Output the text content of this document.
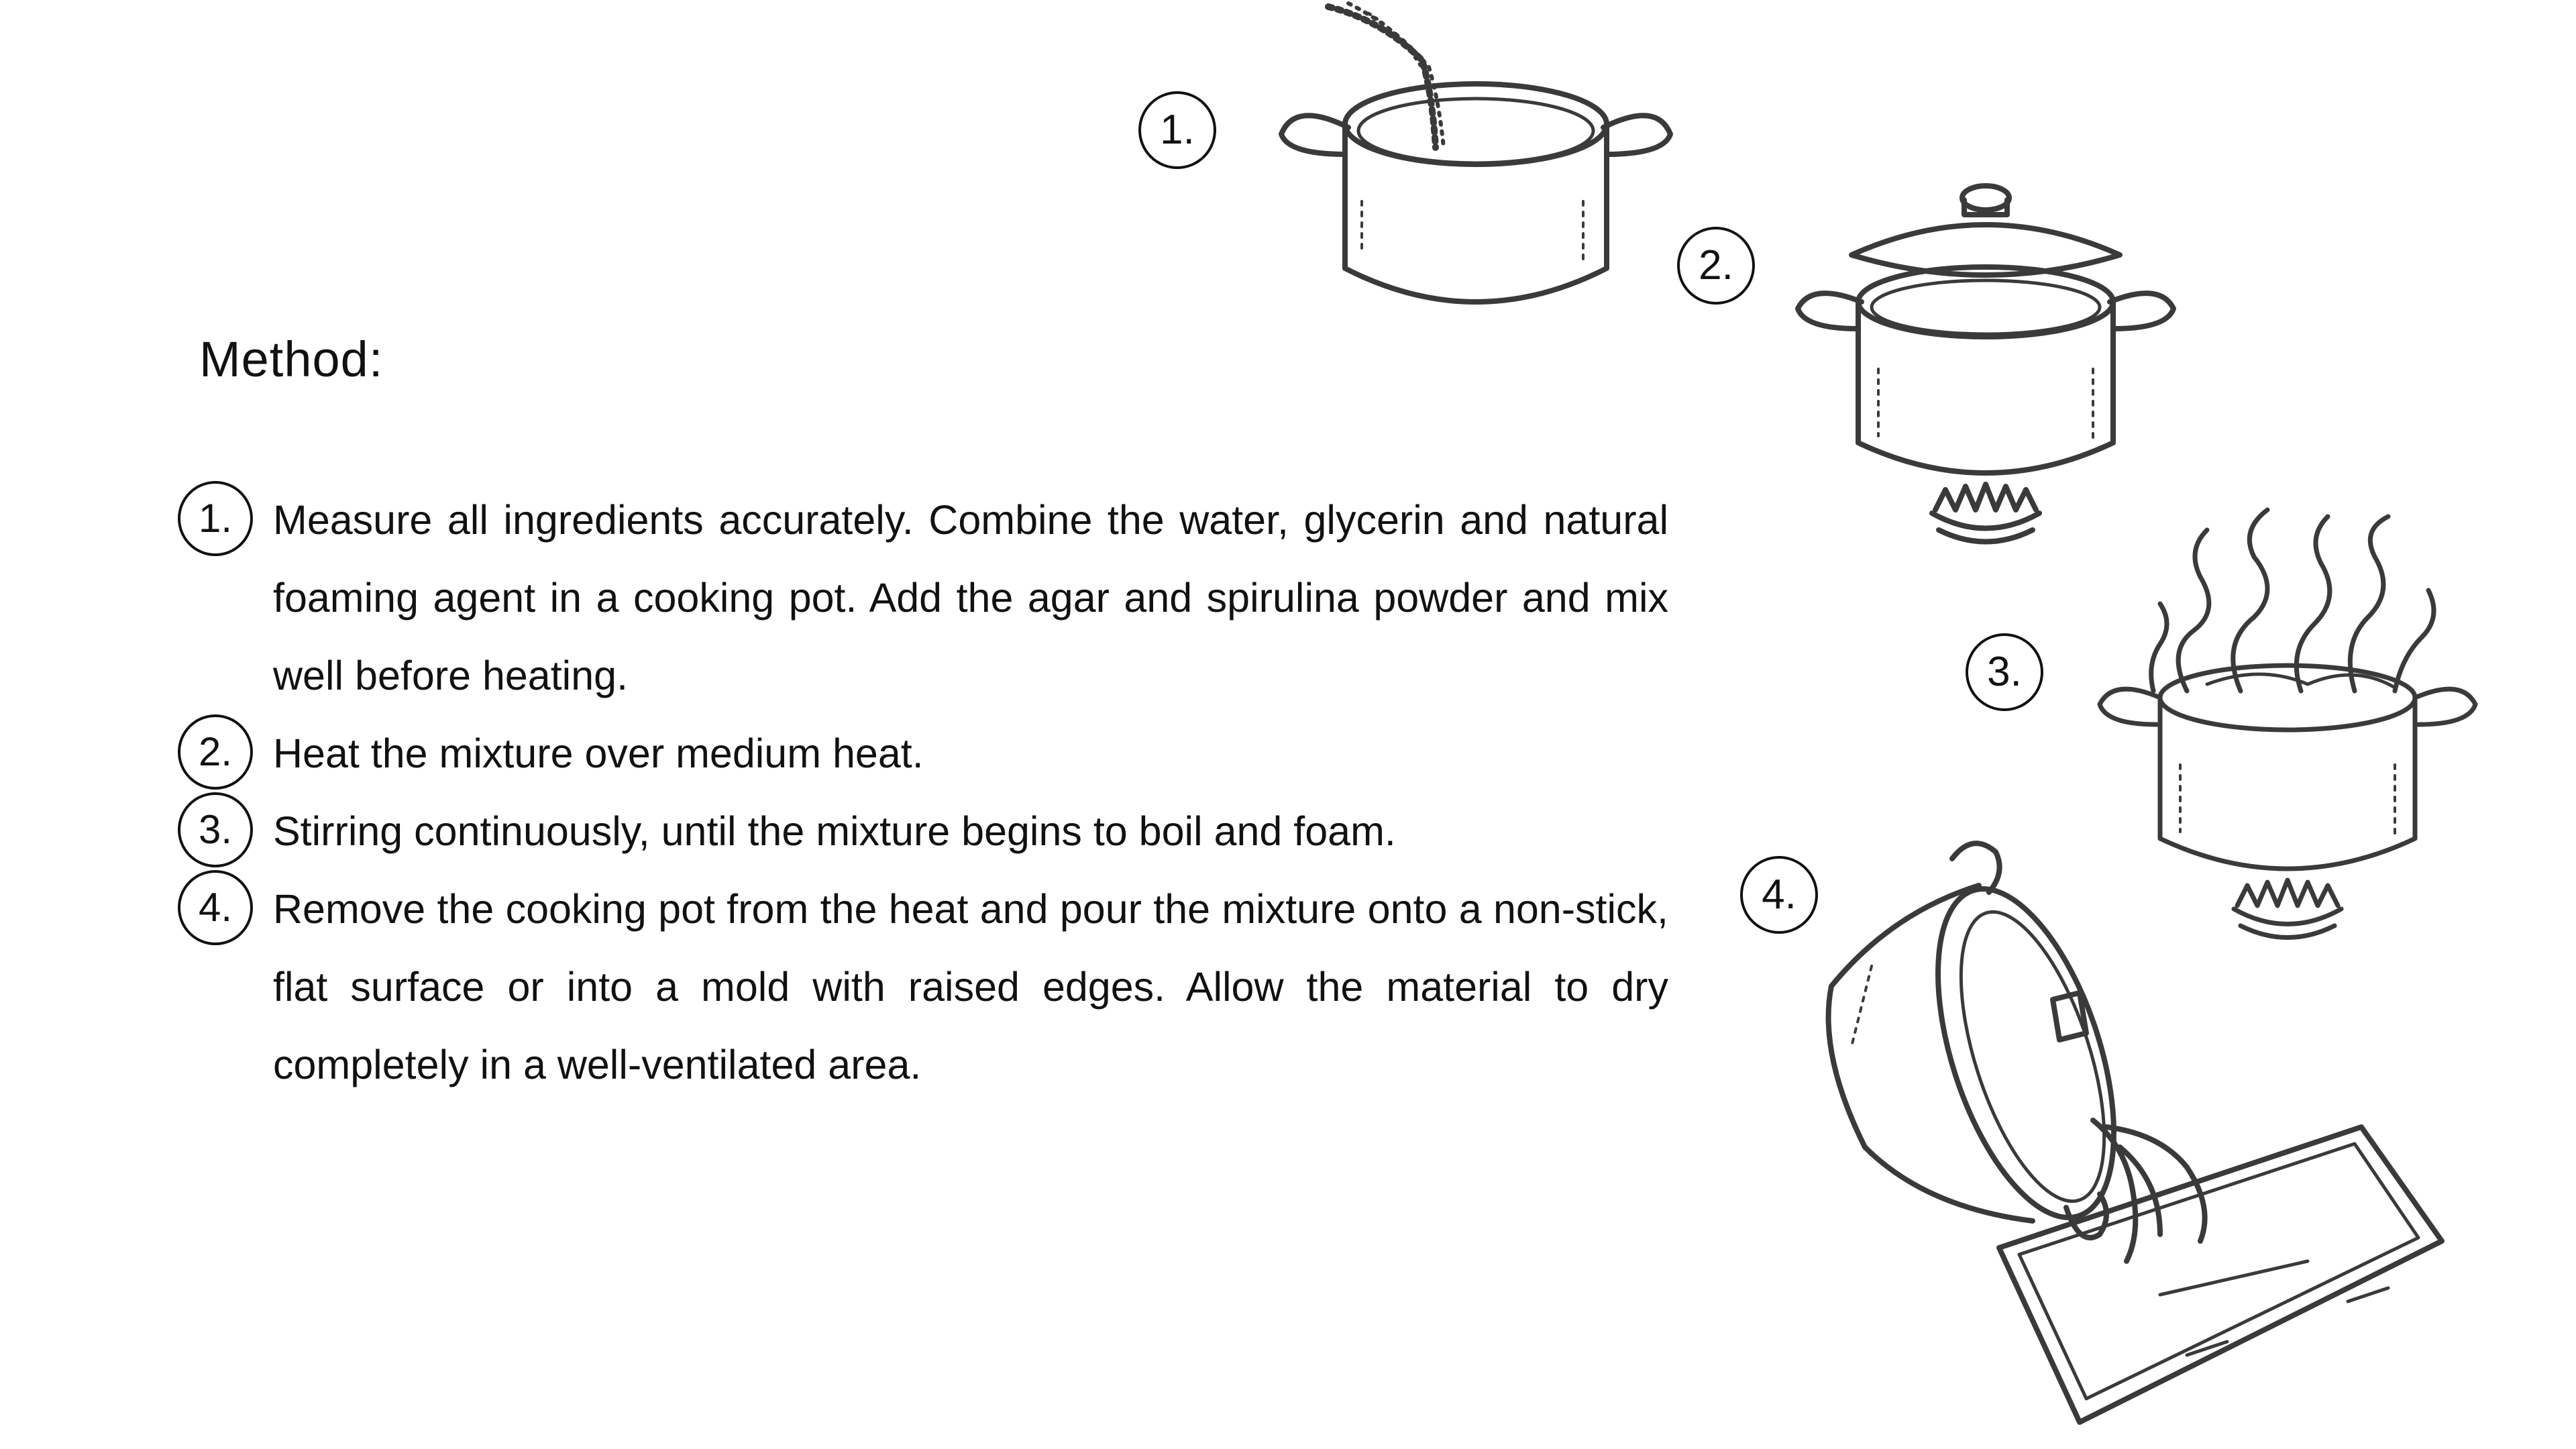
Method:
1. Measure all ingredients accurately. Combine the water, glycerin and natural foaming agent in a cooking pot. Add the agar and spirulina powder and mix well before heating.
2. Heat the mixture over medium heat.
3. Stirring continuously, until the mixture begins to boil and foam.
4. Remove the cooking pot from the heat and pour the mixture onto a non-stick, flat surface or into a mold with raised edges. Allow the material to dry completely in a well-ventilated area.
1.
2.
3.
4.
